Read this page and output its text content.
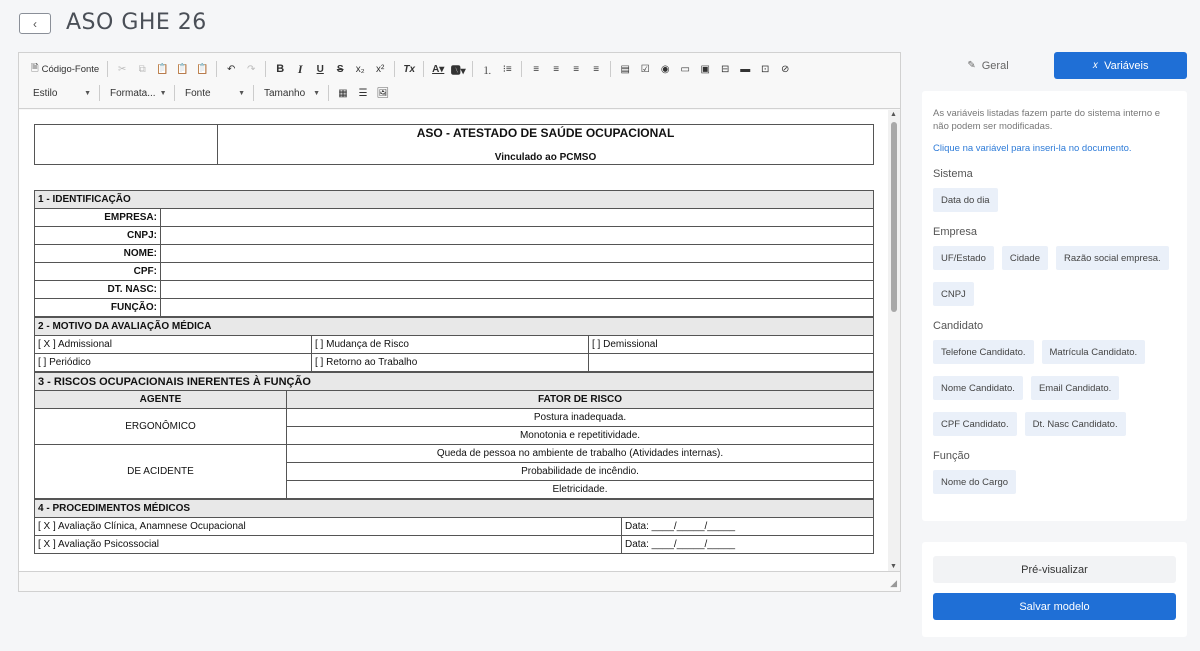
‹ ASO GHE 26
🗎 Código-Fonte	✂	⧉	📋 📋 📋	↶	↷	B	I	U	S	x₂	x²	Tx	A▾ 🅰▾	⒈	⁝≡	≡	≡	≡	≡	▤	☑	◉	▭	▣	⊟	▬	⊡	⊘
Estilo	▼ Formata... ▼ Fonte	▼ Tamanho ▼	▦	☰ 🖼

ASO - ATESTADO DE SAÚDE OCUPACIONAL
Vinculado ao PCMSO
1 - IDENTIFICAÇÃO	
EMPRESA:	
CNPJ:	
NOME:	
CPF:	
DT. NASC:	
FUNÇÃO:	
2 - MOTIVO DA AVALIAÇÃO MÉDICA		
[ X ] Admissional	[ ] Mudança de Risco	[ ] Demissional
[ ] Periódico	[ ] Retorno ao Trabalho	
3 - RISCOS OCUPACIONAIS INERENTES À FUNÇÃO	
AGENTE	FATOR DE RISCO
ERGONÔMICO	Postura inadequada.
	Monotonia e repetitividade.
DE ACIDENTE	Queda de pessoa no ambiente de trabalho (Atividades internas).
	Probabilidade de incêndio.
	Eletricidade.
4 - PROCEDIMENTOS MÉDICOS	
[ X ] Avaliação Clínica, Anamnese Ocupacional	Data: ____/_____/_____
[ X ] Avaliação Psicossocial	Data: ____/_____/_____
▲
▼
◢
✎ Geral	𝑥 Variáveis
As variáveis listadas fazem parte do sistema interno e não podem ser modificadas.
Clique na variável para inseri-la no documento.
Sistema
Data do dia
Empresa
UF/Estado	Cidade	Razão social empresa.
CNPJ
Candidato
Telefone Candidato.	Matrícula Candidato.
Nome Candidato.	Email Candidato.
CPF Candidato.	Dt. Nasc Candidato.
Função
Nome do Cargo
Pré-visualizar
Salvar modelo
